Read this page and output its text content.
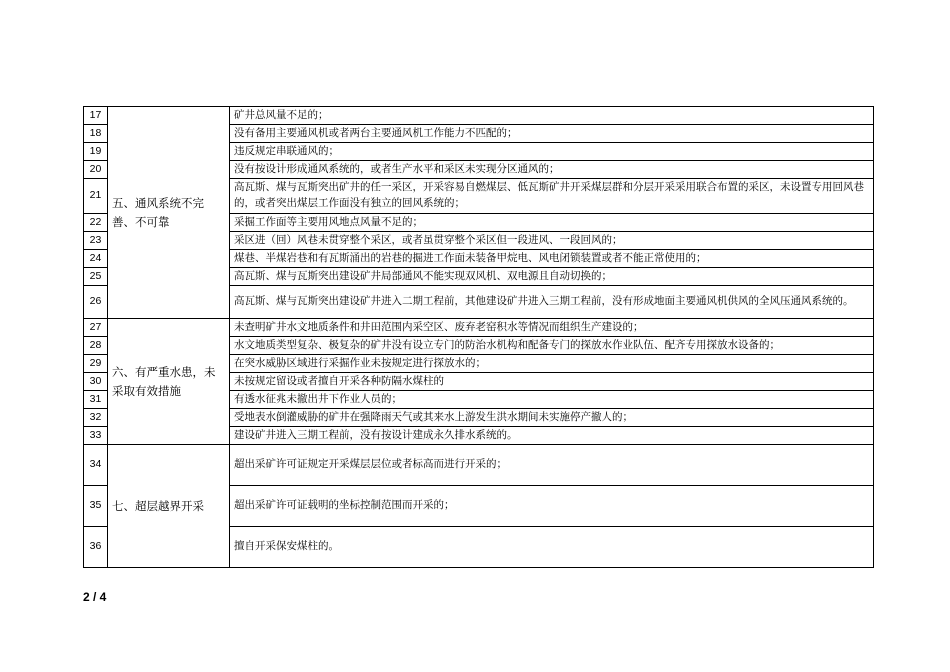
17	五、通风系统不完善、不可靠	矿井总风量不足的；
18		没有备用主要通风机或者两台主要通风机工作能力不匹配的；
19		违反规定串联通风的；
20		没有按设计形成通风系统的，或者生产水平和采区未实现分区通风的；
21		高瓦斯、煤与瓦斯突出矿井的任一采区，开采容易自燃煤层、低瓦斯矿井开采煤层群和分层开采采用联合布置的采区，未设置专用回风巷的，或者突出煤层工作面没有独立的回风系统的；
22		采掘工作面等主要用风地点风量不足的；
23		采区进（回）风巷未贯穿整个采区，或者虽贯穿整个采区但一段进风、一段回风的；
24		煤巷、半煤岩巷和有瓦斯涌出的岩巷的掘进工作面未装备甲烷电、风电闭锁装置或者不能正常使用的；
25		高瓦斯、煤与瓦斯突出建设矿井局部通风不能实现双风机、双电源且自动切换的；
26		高瓦斯、煤与瓦斯突出建设矿井进入二期工程前，其他建设矿井进入三期工程前，没有形成地面主要通风机供风的全风压通风系统的。
27	六、有严重水患，未采取有效措施	未查明矿井水文地质条件和井田范围内采空区、废弃老窑积水等情况而组织生产建设的；
28		水文地质类型复杂、极复杂的矿井没有设立专门的防治水机构和配备专门的探放水作业队伍、配齐专用探放水设备的；
29		在突水威胁区域进行采掘作业未按规定进行探放水的；
30		未按规定留设或者擅自开采各种防隔水煤柱的
31		有透水征兆未撤出井下作业人员的；
32		受地表水倒灌威胁的矿井在强降雨天气或其来水上游发生洪水期间未实施停产撤人的；
33		建设矿井进入三期工程前，没有按设计建成永久排水系统的。
34	七、超层越界开采	超出采矿许可证规定开采煤层层位或者标高而进行开采的；
35		超出采矿许可证载明的坐标控制范围而开采的；
36		擅自开采保安煤柱的。
2 / 4
